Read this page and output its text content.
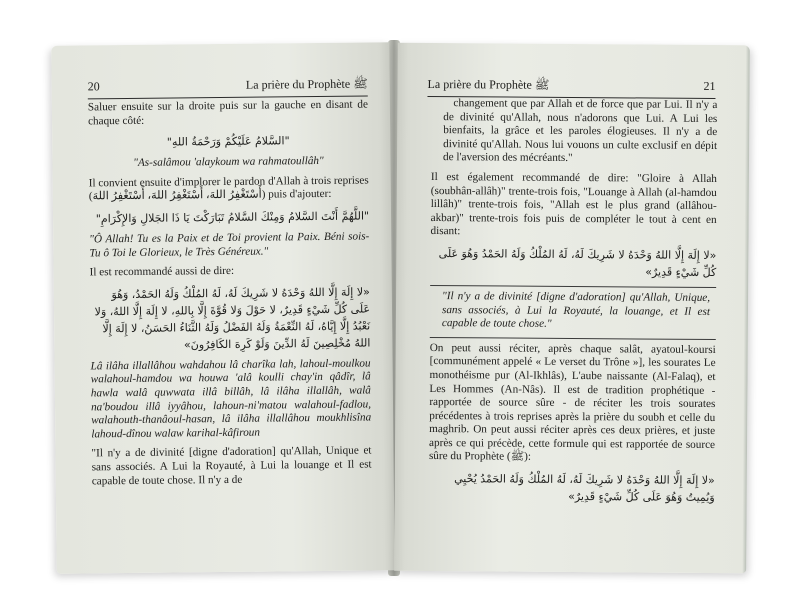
20	La prière du Prophète ﷺ

Saluer ensuite sur la droite puis sur la gauche en disant de chaque côté:

"السَّلامُ عَلَيْكُمْ وَرَحْمَةُ اللهِ"

"As-salâmou 'alaykoum wa rahmatoullâh"

Il convient ensuite d'implorer le pardon d'Allah à trois reprises (أَسْتَغْفِرُ اللهَ، أَسْتَغْفِرُ اللهَ، أَسْتَغْفِرُ اللهَ) puis d'ajouter:

"اللَّهُمَّ أَنْتَ السَّلامُ وَمِنْكَ السَّلامُ تَبَارَكْتَ يَا ذَا الجَلالِ وَالإِكْرَامِ"

"Ô Allah! Tu es la Paix et de Toi provient la Paix. Béni sois-Tu ô Toi le Glorieux, le Très Généreux."

Il est recommandé aussi de dire:

«لا إِلَهَ إِلَّا اللهُ وَحْدَهُ لا شَرِيكَ لَهُ، لَهُ المُلْكُ وَلَهُ الحَمْدُ، وَهُوَ عَلَى كُلِّ شَيْءٍ قَدِيرٌ، لا حَوْلَ وَلا قُوَّةَ إِلَّا بِاللهِ، لا إِلَهَ إِلَّا اللهُ، وَلا نَعْبُدُ إِلَّا إِيَّاهُ، لَهُ النِّعْمَةُ وَلَهُ الفَضْلُ وَلَهُ الثَّنَاءُ الحَسَنُ، لا إِلَهَ إِلَّا اللهُ مُخْلِصِينَ لَهُ الدِّينَ وَلَوْ كَرِهَ الكَافِرُونَ»

Lâ ilâha illallâhou wahdahou lâ charîka lah, lahoul-moulkou walahoul-hamdou wa houwa 'alâ koulli chay'in qâdîr, lâ hawla walâ quwwata illâ billâh, lâ ilâha illallâh, walâ na'boudou illâ iyyâhou, lahoun-ni'matou walahoul-fadlou, walahouth-thanâoul-hasan, lâ ilâha illallâhou moukhlisîna lahoud-dînou walaw karihal-kâfiroun

"Il n'y a de divinité [digne d'adoration] qu'Allah, Unique et sans associés. A Lui la Royauté, à Lui la louange et Il est capable de toute chose. Il n'y a de

La prière du Prophète ﷺ	21

changement que par Allah et de force que par Lui. Il n'y a de divinité qu'Allah, nous n'adorons que Lui. A Lui les bienfaits, la grâce et les paroles élogieuses. Il n'y a de divinité qu'Allah. Nous lui vouons un culte exclusif en dépit de l'aversion des mécréants."

Il est également recommandé de dire: "Gloire à Allah (soubhân-allâh)" trente-trois fois, "Louange à Allah (al-hamdou lillâh)" trente-trois fois, "Allah est le plus grand (allâhou-akbar)" trente-trois fois puis de compléter le tout à cent en disant:

«لا إِلَهَ إِلَّا اللهُ وَحْدَهُ لا شَرِيكَ لَهُ، لَهُ المُلْكُ وَلَهُ الحَمْدُ وَهُوَ عَلَى كُلِّ شَيْءٍ قَدِيرٌ»

"Il n'y a de divinité [digne d'adoration] qu'Allah, Unique, sans associés, à Lui la Royauté, la louange, et Il est capable de toute chose."

On peut aussi réciter, après chaque salât, ayatoul-koursi [communément appelé « Le verset du Trône »], les sourates Le monothéisme pur (Al-Ikhlâs), L'aube naissante (Al-Falaq), et Les Hommes (An-Nâs). Il est de tradition prophétique - rapportée de source sûre - de réciter les trois sourates précédentes à trois reprises après la prière du soubh et celle du maghrib. On peut aussi réciter après ces deux prières, et juste après ce qui précède, cette formule qui est rapportée de source sûre du Prophète (ﷺ):

«لا إِلَهَ إِلَّا اللهُ وَحْدَهُ لا شَرِيكَ لَهُ، لَهُ المُلْكُ وَلَهُ الحَمْدُ يُحْيِي وَيُمِيتُ وَهُوَ عَلَى كُلِّ شَيْءٍ قَدِيرٌ»
